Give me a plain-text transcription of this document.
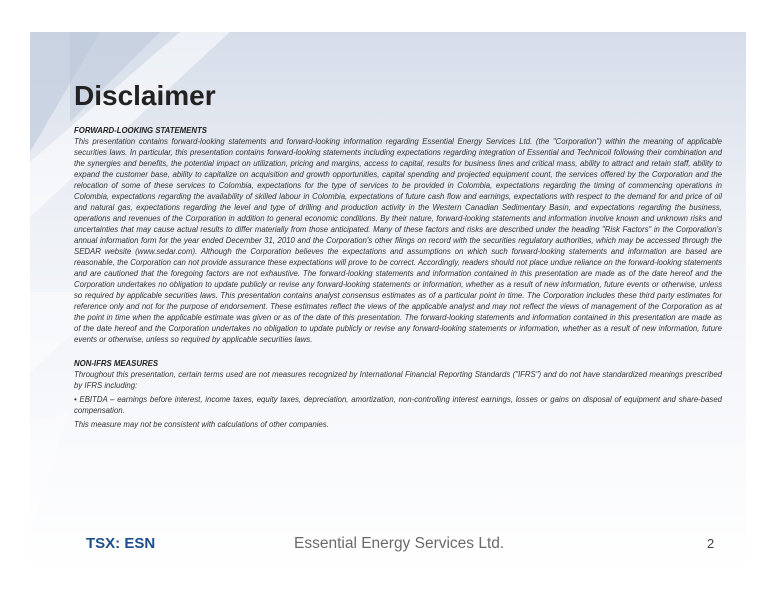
Disclaimer

FORWARD-LOOKING STATEMENTS

This presentation contains forward-looking statements and forward-looking information regarding Essential Energy Services Ltd. (the "Corporation") within the meaning of applicable securities laws. In particular, this presentation contains forward-looking statements including expectations regarding integration of Essential and Technicoil following their combination and the synergies and benefits, the potential impact on utilization, pricing and margins, access to capital, results for business lines and critical mass, ability to attract and retain staff, ability to expand the customer base, ability to capitalize on acquisition and growth opportunities, capital spending and projected equipment count, the services offered by the Corporation and the relocation of some of these services to Colombia, expectations for the type of services to be provided in Colombia, expectations regarding the timing of commencing operations in Colombia, expectations regarding the availability of skilled labour in Colombia, expectations of future cash flow and earnings, expectations with respect to the demand for and price of oil and natural gas, expectations regarding the level and type of drilling and production activity in the Western Canadian Sedimentary Basin, and expectations regarding the business, operations and revenues of the Corporation in addition to general economic conditions. By their nature, forward-looking statements and information involve known and unknown risks and uncertainties that may cause actual results to differ materially from those anticipated. Many of these factors and risks are described under the heading "Risk Factors" in the Corporation's annual information form for the year ended December 31, 2010 and the Corporation's other filings on record with the securities regulatory authorities, which may be accessed through the SEDAR website (www.sedar.com). Although the Corporation believes the expectations and assumptions on which such forward-looking statements and information are based are reasonable, the Corporation can not provide assurance these expectations will prove to be correct. Accordingly, readers should not place undue reliance on the forward-looking statements and are cautioned that the foregoing factors are not exhaustive. The forward-looking statements and information contained in this presentation are made as of the date hereof and the Corporation undertakes no obligation to update publicly or revise any forward-looking statements or information, whether as a result of new information, future events or otherwise, unless so required by applicable securities laws. This presentation contains analyst consensus estimates as of a particular point in time. The Corporation includes these third party estimates for reference only and not for the purpose of endorsement. These estimates reflect the views of the applicable analyst and may not reflect the views of management of the Corporation as at the point in time when the applicable estimate was given or as of the date of this presentation. The forward-looking statements and information contained in this presentation are made as of the date hereof and the Corporation undertakes no obligation to update publicly or revise any forward-looking statements or information, whether as a result of new information, future events or otherwise, unless so required by applicable securities laws.

NON-IFRS MEASURES

Throughout this presentation, certain terms used are not measures recognized by International Financial Reporting Standards ("IFRS") and do not have standardized meanings prescribed by IFRS including:

• EBITDA – earnings before interest, income taxes, equity taxes, depreciation, amortization, non-controlling interest earnings, losses or gains on disposal of equipment and share-based compensation.

This measure may not be consistent with calculations of other companies.

TSX: ESN	Essential Energy Services Ltd.	2
